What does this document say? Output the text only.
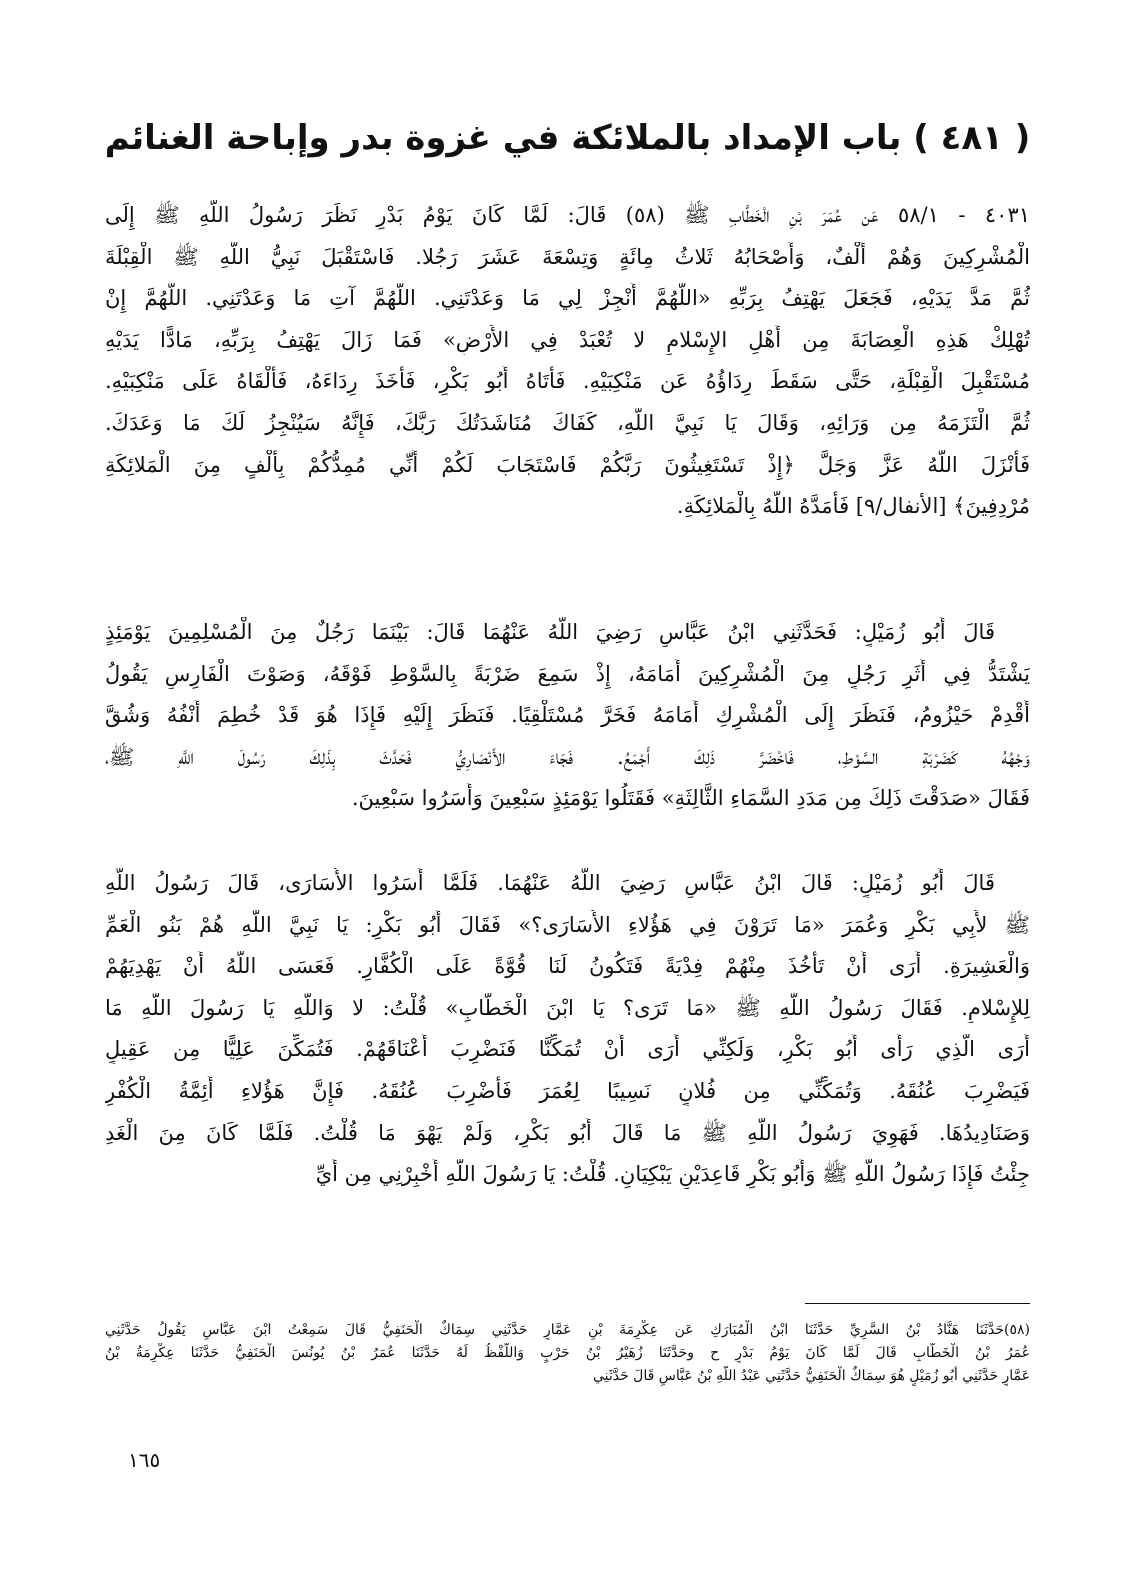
( ٤٨١ ) باب الإمداد بالملائكة في غزوة بدر وإباحة الغنائم
٤٠٣١ - ٥٨/١ عَن عُمَرَ بْنِ الْخَطَّابِ ﷺ (٥٨) قَالَ: لَمَّا كَانَ يَوْمُ بَدْرٍ نَظَرَ رَسُولُ اللَّهِ ﷺ إِلَى
الْمُشْرِكِينَ وَهُمْ أَلْفٌ، وَأَصْحَابُهُ ثَلاثُ مِائَةٍ وَتِسْعَةَ عَشَرَ رَجُلا. فَاسْتَقْبَلَ نَبِيُّ اللَّهِ ﷺ الْقِبْلَةَ
ثُمَّ مَدَّ يَدَيْهِ، فَجَعَلَ يَهْتِفُ بِرَبِّهِ «اللَّهُمَّ أَنْجِزْ لِي مَا وَعَدْتَنِي. اللَّهُمَّ آتِ مَا وَعَدْتَنِي. اللَّهُمَّ إِنْ
تُهْلِكْ هَذِهِ الْعِصَابَةَ مِن أَهْلِ الإِسْلامِ لا تُعْبَدْ فِي الأَرْضِ» فَمَا زَالَ يَهْتِفُ بِرَبِّهِ، مَادًّا يَدَيْهِ
مُسْتَقْبِلَ الْقِبْلَةِ، حَتَّى سَقَطَ رِدَاؤُهُ عَن مَنْكِبَيْهِ. فَأَتَاهُ أَبُو بَكْرٍ، فَأَخَذَ رِدَاءَهُ، فَأَلْقَاهُ عَلَى مَنْكِبَيْهِ.
ثُمَّ الْتَزَمَهُ مِن وَرَائِهِ، وَقَالَ يَا نَبِيَّ اللَّهِ، كَفَاكَ مُنَاشَدَتُكَ رَبَّكَ، فَإِنَّهُ سَيُنْجِزُ لَكَ مَا وَعَدَكَ.
فَأَنْزَلَ اللَّهُ عَزَّ وَجَلَّ ﴿إِذْ تَسْتَغِيثُونَ رَبَّكُمْ فَاسْتَجَابَ لَكُمْ أَنِّي مُمِدُّكُمْ بِأَلْفٍ مِنَ الْمَلائِكَةِ
مُرْدِفِينَ﴾ [الأنفال/٩] فَأَمَدَّهُ اللَّهُ بِالْمَلائِكَةِ.
قَالَ أَبُو زُمَيْلٍ: فَحَدَّثَنِي ابْنُ عَبَّاسٍ رَضِيَ اللَّهُ عَنْهُمَا قَالَ: بَيْنَمَا رَجُلٌ مِنَ الْمُسْلِمِينَ يَوْمَئِذٍ
يَشْتَدُّ فِي أَثَرِ رَجُلٍ مِنَ الْمُشْرِكِينَ أَمَامَهُ، إِذْ سَمِعَ ضَرْبَةً بِالسَّوْطِ فَوْقَهُ، وَصَوْتَ الْفَارِسِ يَقُولُ
أَقْدِمْ حَيْزُومُ، فَنَظَرَ إِلَى الْمُشْرِكِ أَمَامَهُ فَخَرَّ مُسْتَلْقِيًا. فَنَظَرَ إِلَيْهِ فَإِذَا هُوَ قَدْ خُطِمَ أَنْفُهُ وَشُقَّ
وَجْهُهُ كَضَرْبَةِ السَّوْطِ، فَاخْضَرَّ ذَلِكَ أَجْمَعُ. فَجَاءَ الأَنْصَارِيُّ فَحَدَّثَ بِذَلِكَ رَسُولَ اللَّهِ ﷺ،
فَقَالَ «صَدَقْتَ ذَلِكَ مِن مَدَدِ السَّمَاءِ الثَّالِثَةِ» فَقَتَلُوا يَوْمَئِذٍ سَبْعِينَ وَأَسَرُوا سَبْعِينَ.
قَالَ أَبُو زُمَيْلٍ: قَالَ ابْنُ عَبَّاسٍ رَضِيَ اللَّهُ عَنْهُمَا. فَلَمَّا أَسَرُوا الأُسَارَى، قَالَ رَسُولُ اللَّهِ
ﷺ لأَبِي بَكْرٍ وَعُمَرَ «مَا تَرَوْنَ فِي هَؤُلاءِ الأُسَارَى؟» فَقَالَ أَبُو بَكْرٍ: يَا نَبِيَّ اللَّهِ هُمْ بَنُو الْعَمِّ
وَالْعَشِيرَةِ. أَرَى أَنْ تَأْخُذَ مِنْهُمْ فِدْيَةً فَتَكُونُ لَنَا قُوَّةً عَلَى الْكُفَّارِ. فَعَسَى اللَّهُ أَنْ يَهْدِيَهُمْ
لِلإِسْلامِ. فَقَالَ رَسُولُ اللَّهِ ﷺ «مَا تَرَى؟ يَا ابْنَ الْخَطَّابِ» قُلْتُ: لا وَاللَّهِ يَا رَسُولَ اللَّهِ مَا
أَرَى الَّذِي رَأَى أَبُو بَكْرٍ، وَلَكِنِّي أَرَى أَنْ تُمَكِّنَّا فَنَضْرِبَ أَعْنَاقَهُمْ. فَتُمَكِّنَ عَلِيًّا مِن عَقِيلٍ
فَيَضْرِبَ عُنُقَهُ. وَتُمَكِّنِّي مِن فُلانٍ نَسِيبًا لِعُمَرَ فَأَضْرِبَ عُنُقَهُ. فَإِنَّ هَؤُلاءِ أَئِمَّةُ الْكُفْرِ
وَصَنَادِيدُهَا. فَهَوِيَ رَسُولُ اللَّهِ ﷺ مَا قَالَ أَبُو بَكْرٍ، وَلَمْ يَهْوَ مَا قُلْتُ. فَلَمَّا كَانَ مِنَ الْغَدِ
جِئْتُ فَإِذَا رَسُولُ اللَّهِ ﷺ وَأَبُو بَكْرٍ قَاعِدَيْنِ يَبْكِيَانِ. قُلْتُ: يَا رَسُولَ اللَّهِ أَخْبِرْنِي مِن أَيِّ
(٥٨)حَدَّثَنَا هَنَّادُ بْنُ السَّرِيِّ حَدَّثَنَا ابْنُ الْمُبَارَكِ عَن عِكْرِمَةَ بْنِ عَمَّارٍ حَدَّثَنِي سِمَاكٌ الْحَنَفِيُّ قَالَ سَمِعْتُ ابْنَ عَبَّاسٍ يَقُولُ حَدَّثَنِي
عُمَرُ بْنُ الْخَطَّابِ قَالَ لَمَّا كَانَ يَوْمُ بَدْرٍ ح وحَدَّثَنَا زُهَيْرُ بْنُ حَرْبٍ وَاللَّفْظُ لَهُ حَدَّثَنَا عُمَرُ بْنُ يُونُسَ الْحَنَفِيُّ حَدَّثَنَا عِكْرِمَةُ بْنُ
عَمَّارٍ حَدَّثَنِي أَبُو زُمَيْلٍ هُوَ سِمَاكٌ الْحَنَفِيُّ حَدَّثَنِي عَبْدُ اللَّهِ بْنُ عَبَّاسٍ قَالَ حَدَّثَنِي
١٦٥
